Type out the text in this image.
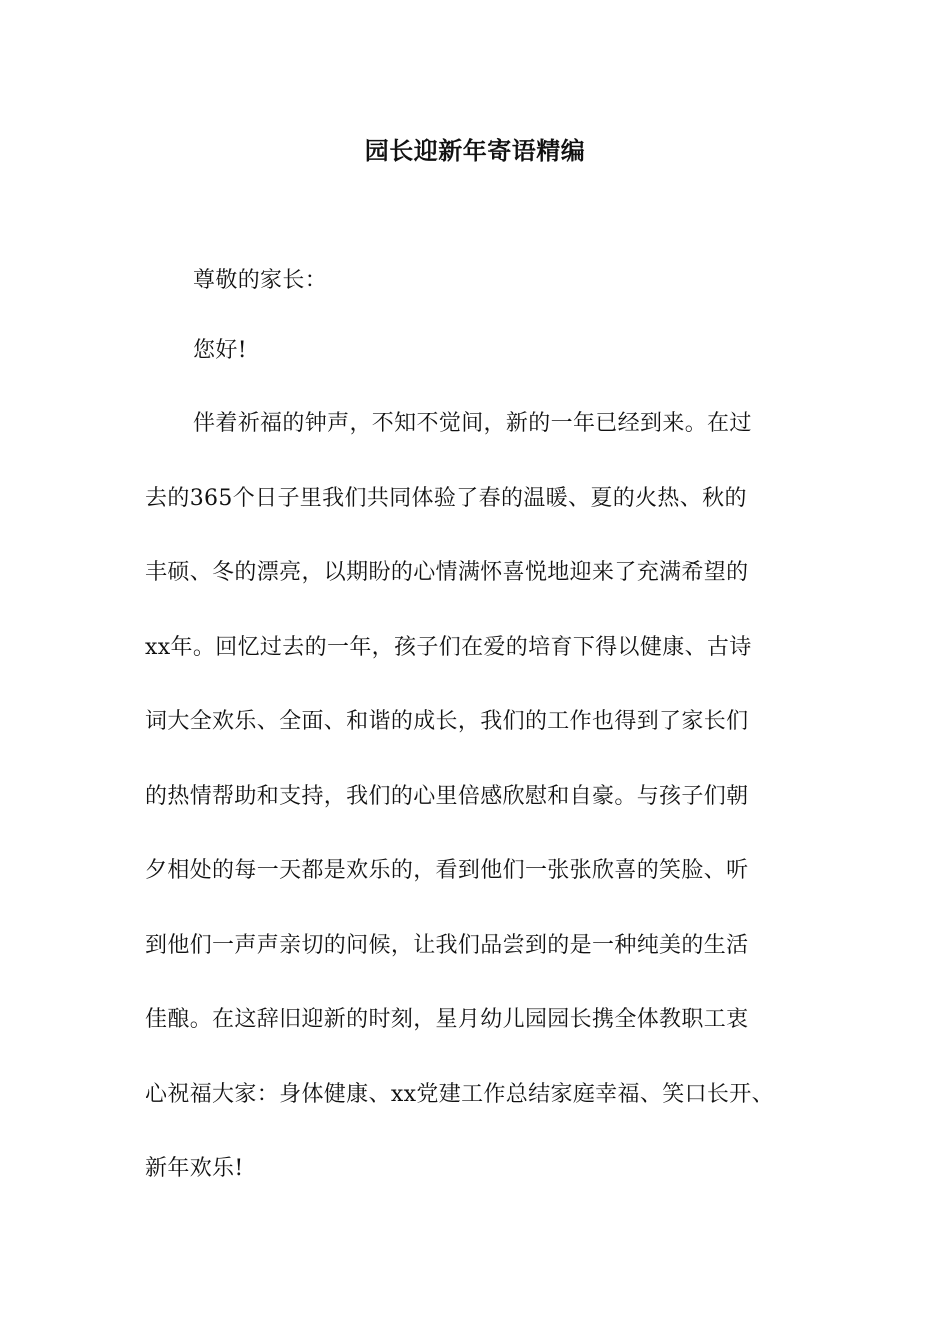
园长迎新年寄语精编
尊敬的家长：
您好!
伴着祈福的钟声，不知不觉间，新的一年已经到来。在过
去的365个日子里我们共同体验了春的温暖、夏的火热、秋的
丰硕、冬的漂亮，以期盼的心情满怀喜悦地迎来了充满希望的
xx年。回忆过去的一年，孩子们在爱的培育下得以健康、古诗
词大全欢乐、全面、和谐的成长，我们的工作也得到了家长们
的热情帮助和支持，我们的心里倍感欣慰和自豪。与孩子们朝
夕相处的每一天都是欢乐的，看到他们一张张欣喜的笑脸、听
到他们一声声亲切的问候，让我们品尝到的是一种纯美的生活
佳酿。在这辞旧迎新的时刻，星月幼儿园园长携全体教职工衷
心祝福大家：身体健康、xx党建工作总结家庭幸福、笑口长开、
新年欢乐!
